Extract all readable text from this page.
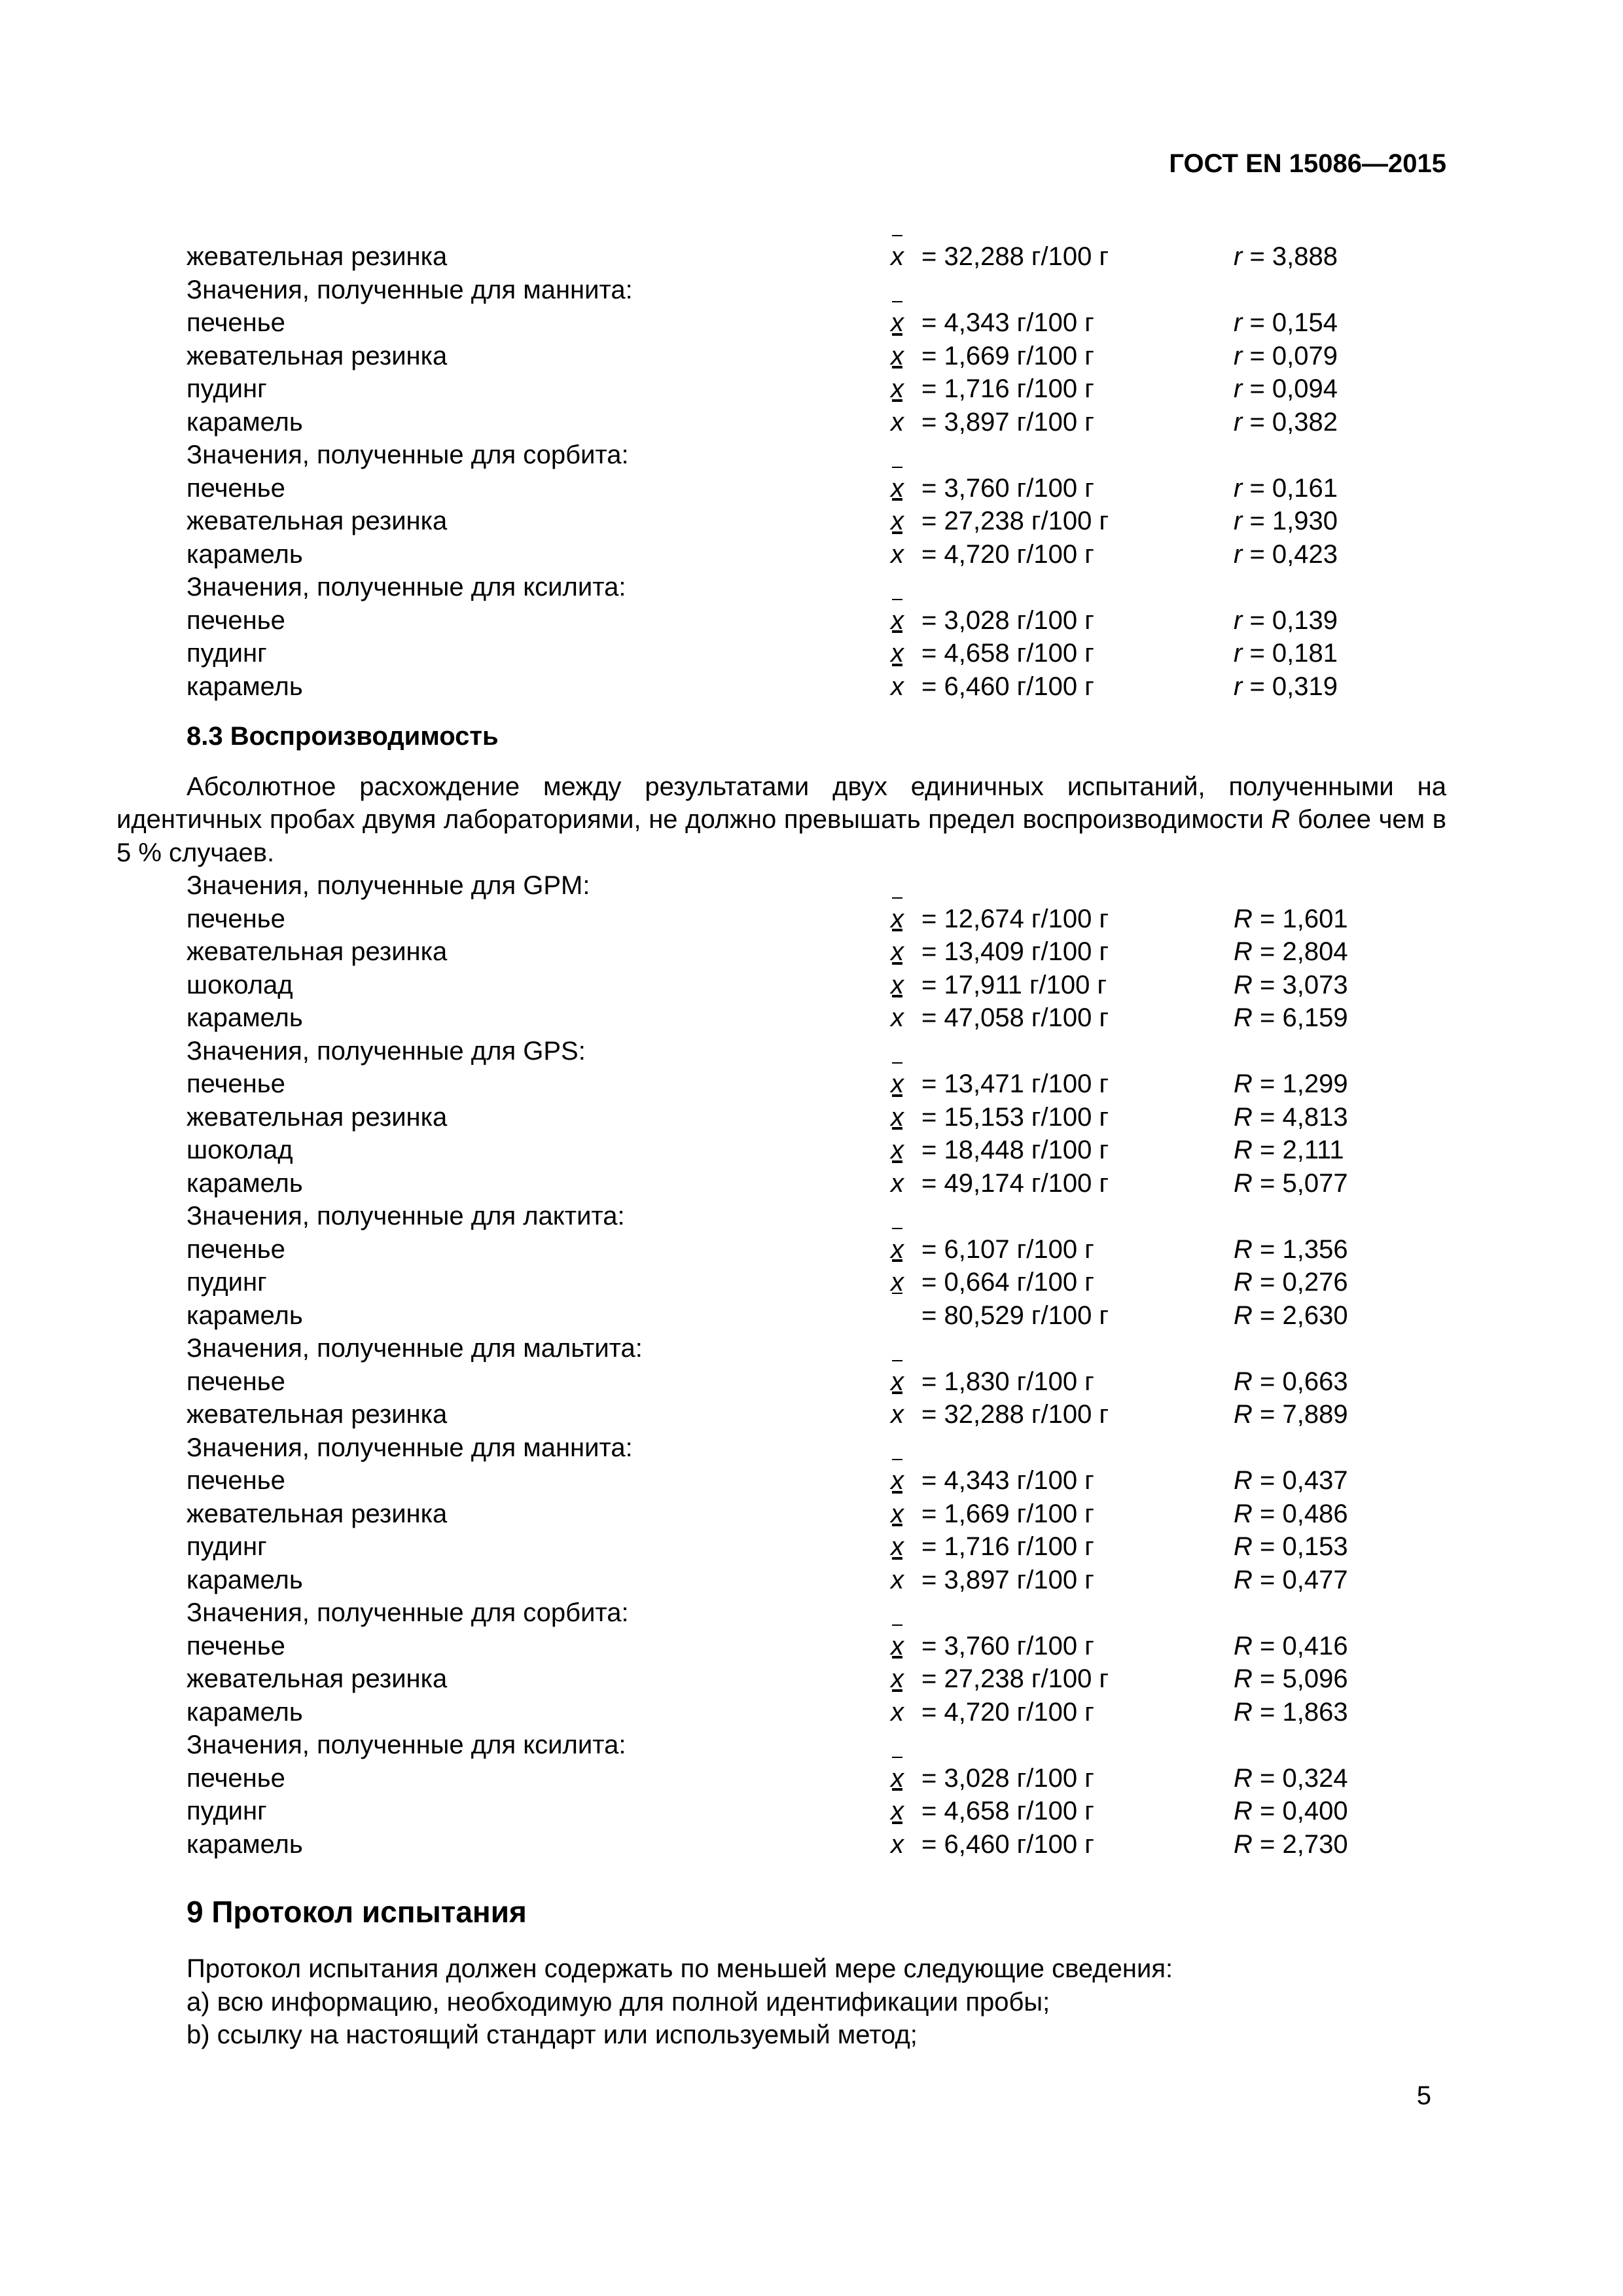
ГОСТ EN 15086—2015
жевательная резинка	x = 32,288 г/100 г	r = 3,888
Значения, полученные для маннита:
печенье	x = 4,343 г/100 г	r = 0,154
жевательная резинка	x = 1,669 г/100 г	r = 0,079
пудинг	x = 1,716 г/100 г	r = 0,094
карамель	x = 3,897 г/100 г	r = 0,382
Значения, полученные для сорбита:
печенье	x = 3,760 г/100 г	r = 0,161
жевательная резинка	x = 27,238 г/100 г	r = 1,930
карамель	x = 4,720 г/100 г	r = 0,423
Значения, полученные для ксилита:
печенье	x = 3,028 г/100 г	r = 0,139
пудинг	x = 4,658 г/100 г	r = 0,181
карамель	x = 6,460 г/100 г	r = 0,319
8.3 Воспроизводимость
Абсолютное расхождение между результатами двух единичных испытаний, полученными на идентичных пробах двумя лабораториями, не должно превышать предел воспроизводимости R более чем в 5 % случаев.
Значения, полученные для GPM:
печенье	x = 12,674 г/100 г	R = 1,601
жевательная резинка	x = 13,409 г/100 г	R = 2,804
шоколад	x = 17,911 г/100 г	R = 3,073
карамель	x = 47,058 г/100 г	R = 6,159
Значения, полученные для GPS:
печенье	x = 13,471 г/100 г	R = 1,299
жевательная резинка	x = 15,153 г/100 г	R = 4,813
шоколад	x = 18,448 г/100 г	R = 2,111
карамель	x = 49,174 г/100 г	R = 5,077
Значения, полученные для лактита:
печенье	x = 6,107 г/100 г	R = 1,356
пудинг	x = 0,664 г/100 г	R = 0,276
карамель	= 80,529 г/100 г	R = 2,630
Значения, полученные для мальтита:
печенье	x = 1,830 г/100 г	R = 0,663
жевательная резинка	x = 32,288 г/100 г	R = 7,889
Значения, полученные для маннита:
печенье	x = 4,343 г/100 г	R = 0,437
жевательная резинка	x = 1,669 г/100 г	R = 0,486
пудинг	x = 1,716 г/100 г	R = 0,153
карамель	x = 3,897 г/100 г	R = 0,477
Значения, полученные для сорбита:
печенье	x = 3,760 г/100 г	R = 0,416
жевательная резинка	x = 27,238 г/100 г	R = 5,096
карамель	x = 4,720 г/100 г	R = 1,863
Значения, полученные для ксилита:
печенье	x = 3,028 г/100 г	R = 0,324
пудинг	x = 4,658 г/100 г	R = 0,400
карамель	x = 6,460 г/100 г	R = 2,730
9 Протокол испытания
Протокол испытания должен содержать по меньшей мере следующие сведения:
a) всю информацию, необходимую для полной идентификации пробы;
b) ссылку на настоящий стандарт или используемый метод;
5
